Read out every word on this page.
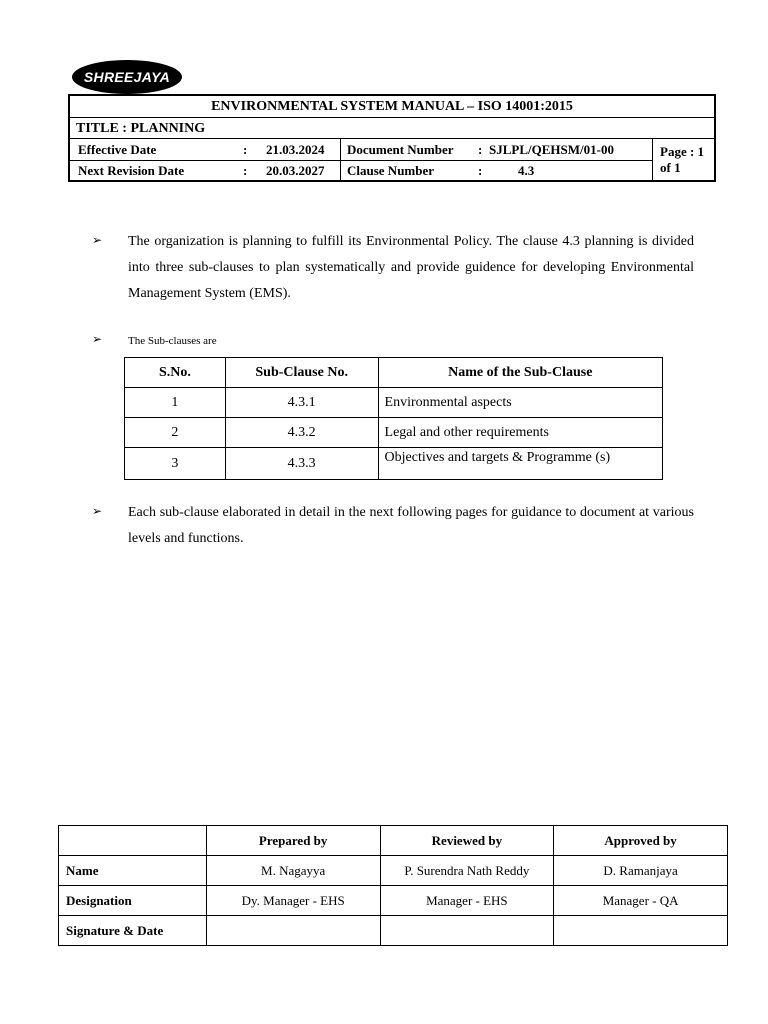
SHREEJAYA
ENVIRONMENTAL SYSTEM MANUAL – ISO 14001:2015
TITLE : PLANNING
Effective Date	: 21.03.2024 Document Number : SJLPL/QEHSM/01-00
Next Revision Date	: 20.03.2027 Clause Number	:	4.3
Page : 1
of 1
➢ The organization is planning to fulfill its Environmental Policy. The clause 4.3 planning is divided into three sub-clauses to plan systematically and provide guidence for developing Environmental Management System (EMS).
➢ The Sub-clauses are
S.No.	Sub-Clause No.	Name of the Sub-Clause
1	4.3.1	Environmental aspects
2	4.3.2	Legal and other requirements
3	4.3.3	Objectives and targets & Programme (s)
➢ Each sub-clause elaborated in detail in the next following pages for guidance to document at various levels and functions.
	Prepared by	Reviewed by	Approved by
Name	M. Nagayya	P. Surendra Nath Reddy	D. Ramanjaya
Designation	Dy. Manager - EHS	Manager - EHS	Manager - QA
Signature & Date			
